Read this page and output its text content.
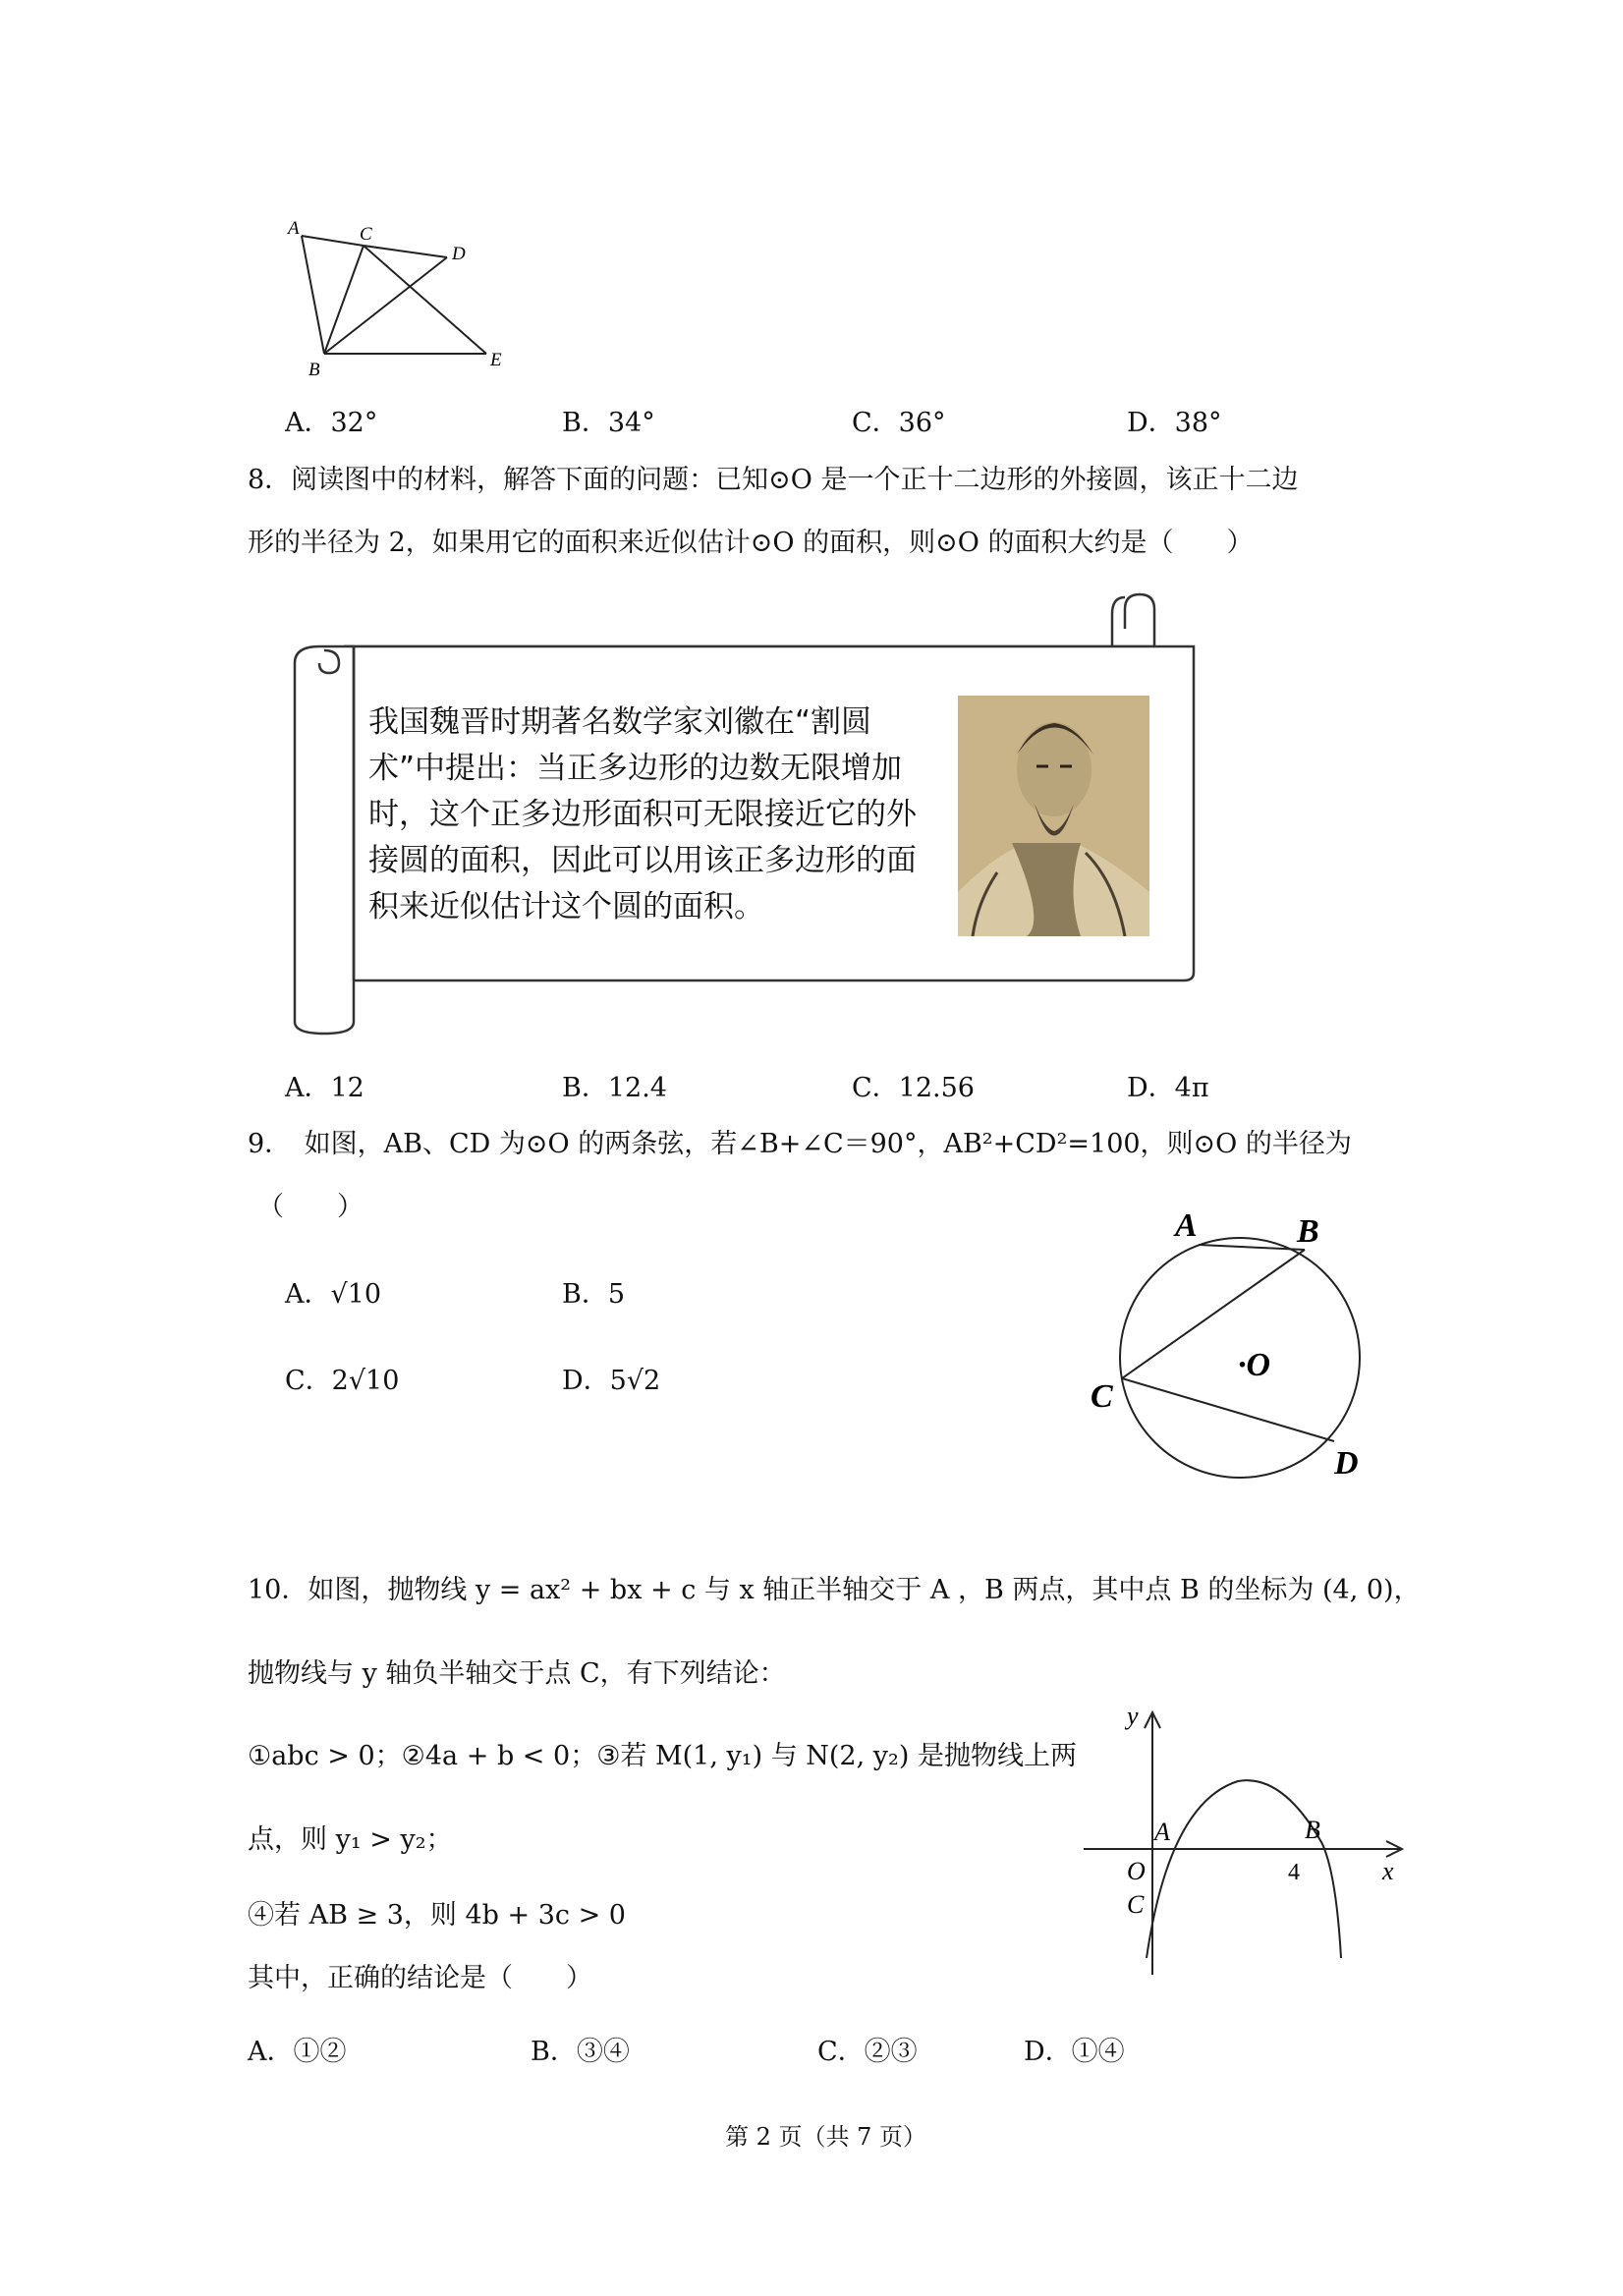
A	C
D
B	E
A．32°	B．34°	C．36°	D．38°
8．阅读图中的材料，解答下面的问题：已知⊙O 是一个正十二边形的外接圆，该正十二边
形的半径为 2，如果用它的面积来近似估计⊙O 的面积，则⊙O 的面积大约是（　　）
我国魏晋时期著名数学家刘徽在“割圆
术”中提出：当正多边形的边数无限增加
时，这个正多边形面积可无限接近它的外
接圆的面积，因此可以用该正多边形的面
积来近似估计这个圆的面积。
A．12	B．12.4	C．12.56	D．4π
9．　如图，AB、CD 为⊙O 的两条弦，若∠B+∠C＝90°，AB²+CD²=100，则⊙O 的半径为
（　　）
A．√10	B．5
C．2√10	D．5√2
A	B
·O
C
D
10．如图，抛物线 y = ax² + bx + c 与 x 轴正半轴交于 A ，B 两点，其中点 B 的坐标为 (4, 0)，
抛物线与 y 轴负半轴交于点 C，有下列结论：
①abc > 0；②4a + b < 0；③若 M(1, y₁) 与 N(2, y₂) 是抛物线上两
点，则 y₁ > y₂；
④若 AB ≥ 3，则 4b + 3c > 0
其中，正确的结论是（　　）
y
x
A	B
O
C
4
A．①②	B．③④	C．②③	D．①④
第 2 页（共 7 页）
